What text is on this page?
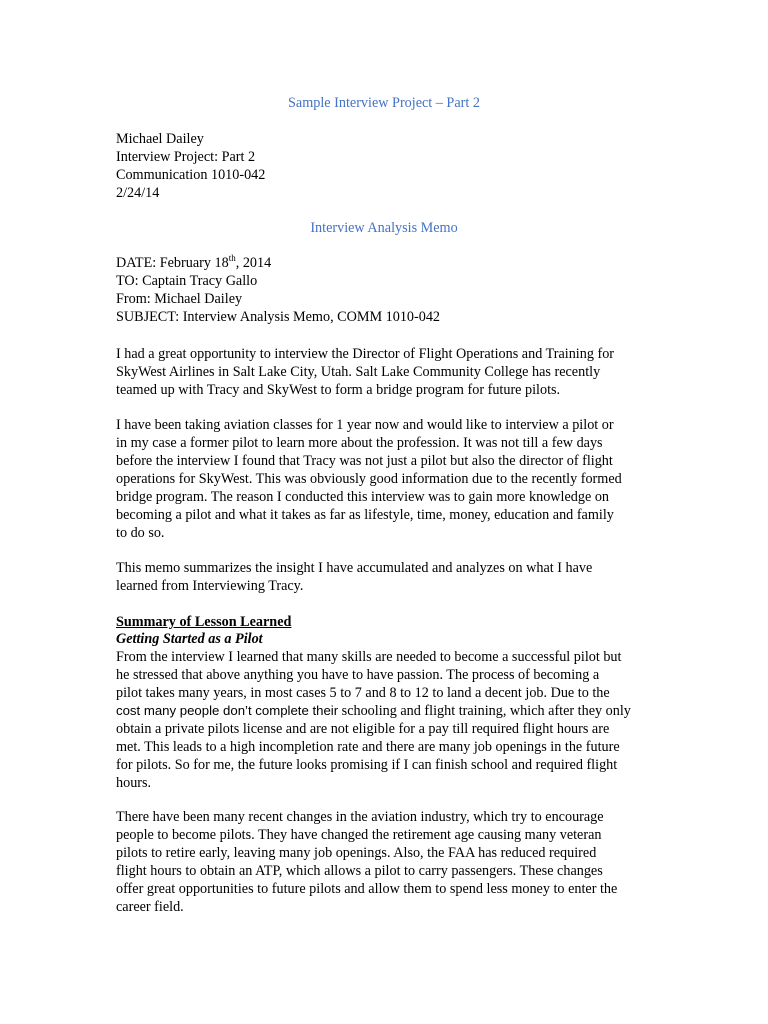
Sample Interview Project – Part 2
Michael Dailey
Interview Project: Part 2
Communication 1010-042
2/24/14
Interview Analysis Memo
DATE: February 18th, 2014
TO: Captain Tracy Gallo
From: Michael Dailey
SUBJECT: Interview Analysis Memo, COMM 1010-042
I had a great opportunity to interview the Director of Flight Operations and Training for
SkyWest Airlines in Salt Lake City, Utah. Salt Lake Community College has recently
teamed up with Tracy and SkyWest to form a bridge program for future pilots.
I have been taking aviation classes for 1 year now and would like to interview a pilot or
in my case a former pilot to learn more about the profession. It was not till a few days
before the interview I found that Tracy was not just a pilot but also the director of flight
operations for SkyWest. This was obviously good information due to the recently formed
bridge program. The reason I conducted this interview was to gain more knowledge on
becoming a pilot and what it takes as far as lifestyle, time, money, education and family
to do so.
This memo summarizes the insight I have accumulated and analyzes on what I have
learned from Interviewing Tracy.
Summary of Lesson Learned
Getting Started as a Pilot
From the interview I learned that many skills are needed to become a successful pilot but
he stressed that above anything you have to have passion. The process of becoming a
pilot takes many years, in most cases 5 to 7 and 8 to 12 to land a decent job. Due to the
cost many people don’t complete their schooling and flight training, which after they only
obtain a private pilots license and are not eligible for a pay till required flight hours are
met. This leads to a high incompletion rate and there are many job openings in the future
for pilots. So for me, the future looks promising if I can finish school and required flight
hours.
There have been many recent changes in the aviation industry, which try to encourage
people to become pilots. They have changed the retirement age causing many veteran
pilots to retire early, leaving many job openings. Also, the FAA has reduced required
flight hours to obtain an ATP, which allows a pilot to carry passengers. These changes
offer great opportunities to future pilots and allow them to spend less money to enter the
career field.
